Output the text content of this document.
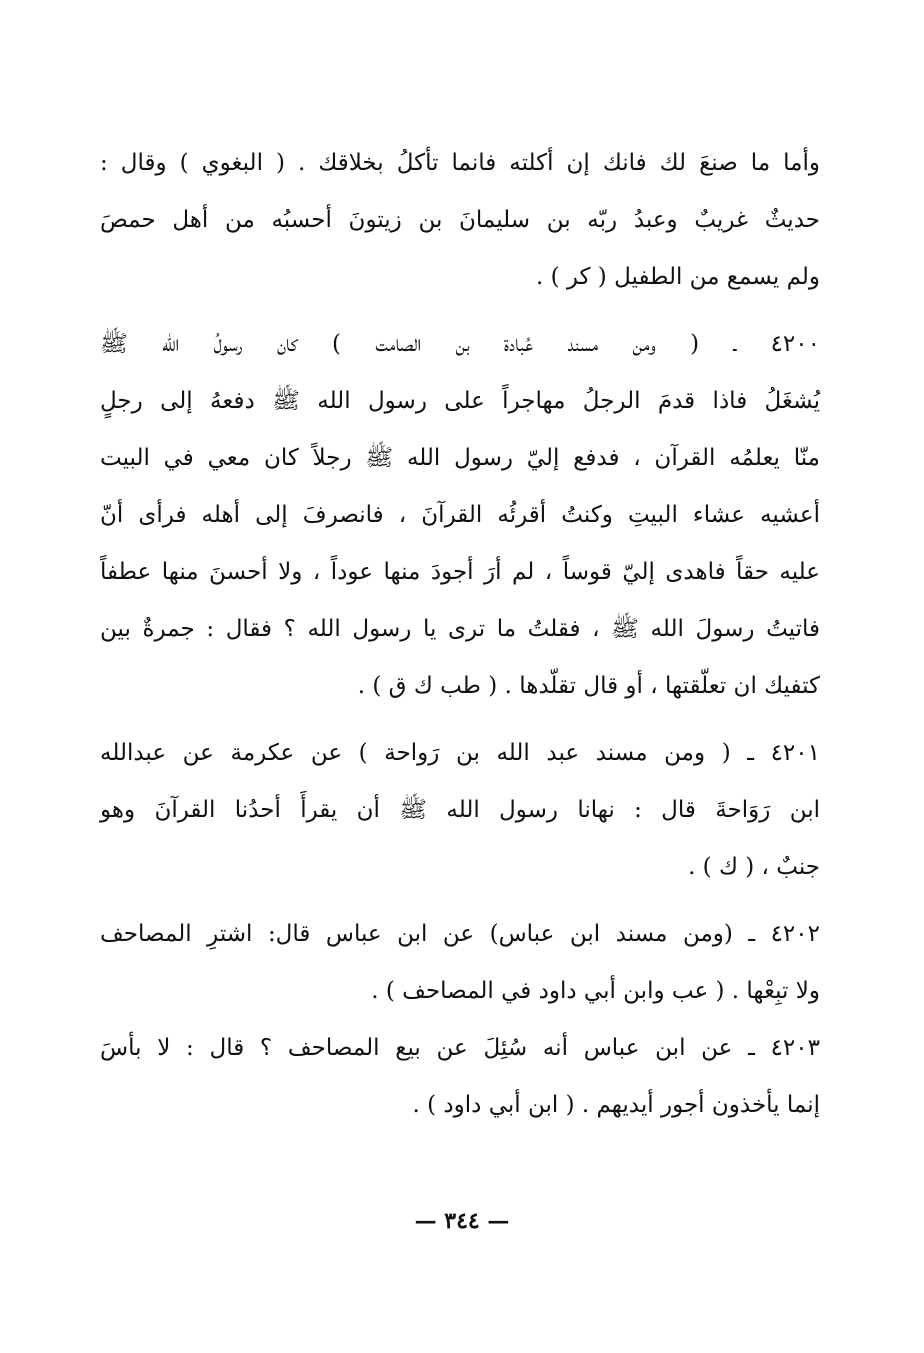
وأما ما صنعَ لك فانك إن أكلته فانما تأكلُ بخلاقك . ( البغوي ) وقال :

حديثٌ غريبٌ وعبدُ ربّه بن سليمانَ بن زيتونَ أحسبُه من أهل حمصَ

ولم يسمع من الطفيل ( كر ) .

٤٢٠٠ ـ ( ومن مسند عُبادة بن الصامت ) كان رسولُ الله ﷺ

يُشغَلُ فاذا قدمَ الرجلُ مهاجراً على رسول الله ﷺ دفعهُ إلى رجلٍ

منّا يعلمُه القرآن ، فدفع إليّ رسول الله ﷺ رجلاً كان معي في البيت

أعشيه عشاء البيتِ وكنتُ أقرئُه القرآنَ ، فانصرفَ إلى أهله فرأى أنّ

عليه حقاً فاهدى إليّ قوساً ، لم أرَ أجودَ منها عوداً ، ولا أحسنَ منها عطفاً

فاتيتُ رسولَ الله ﷺ ، فقلتُ ما ترى يا رسول الله ؟ فقال : جمرةٌ بين

كتفيك ان تعلّقتها ، أو قال تقلّدها . ( طب ك ق ) .

٤٢٠١ ـ ( ومن مسند عبد الله بن رَواحة ) عن عكرمة عن عبدالله

ابن رَوَاحةَ قال : نهانا رسول الله ﷺ أن يقرأَ أحدُنا القرآنَ وهو

جنبٌ ، ( ك ) .

٤٢٠٢ ـ (ومن مسند ابن عباس) عن ابن عباس قال: اشترِ المصاحف

ولا تبِعْها . ( عب وابن أبي داود في المصاحف ) .

٤٢٠٣ ـ عن ابن عباس أنه سُئِلَ عن بيع المصاحف ؟ قال : لا بأسَ

إنما يأخذون أجور أيديهم . ( ابن أبي داود ) .

— ٣٤٤ —
